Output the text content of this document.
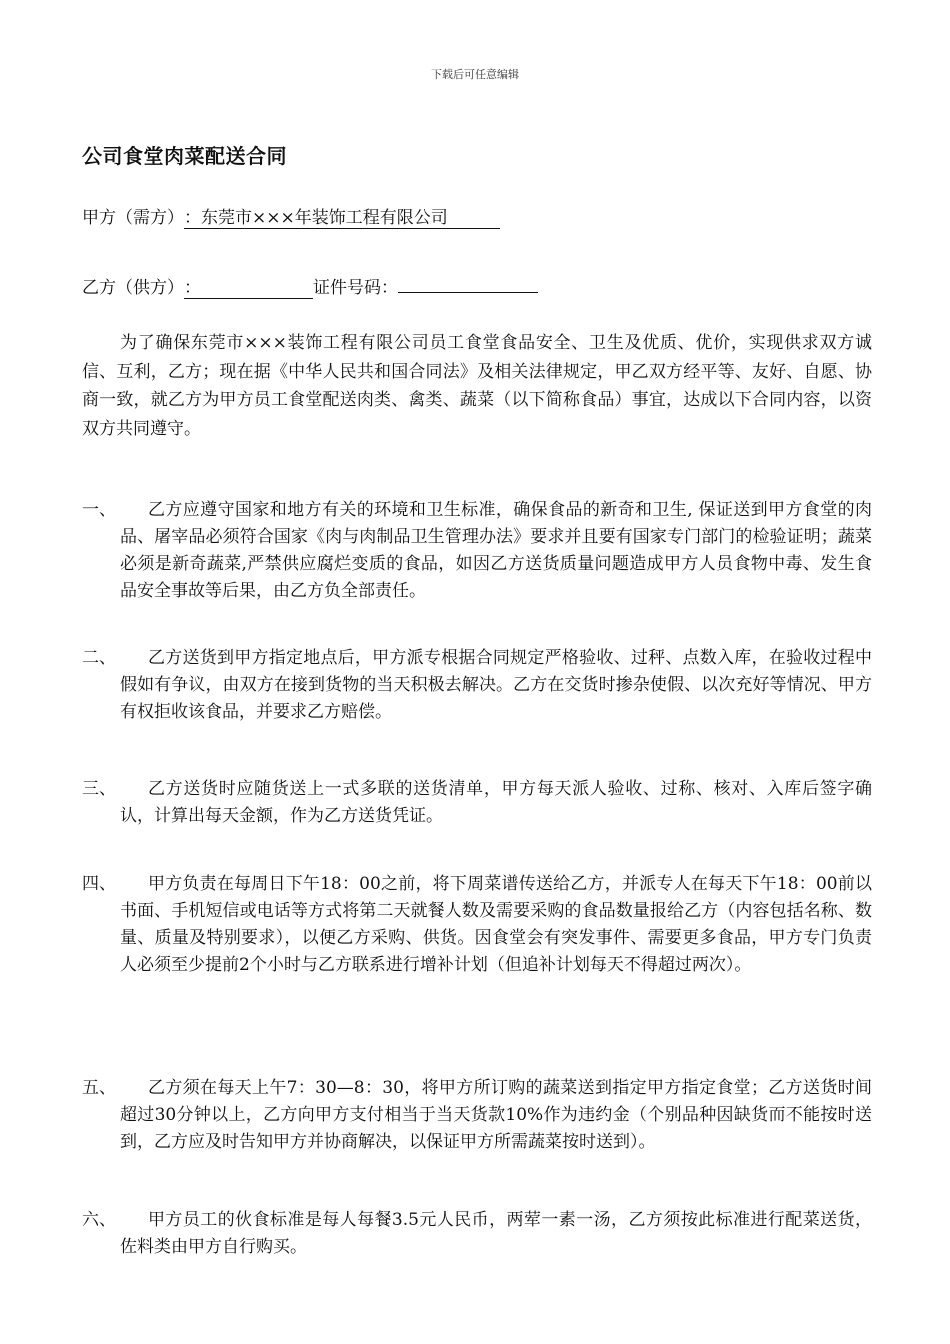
下载后可任意编辑
公司食堂肉菜配送合同
甲方（需方）：东莞市×××年装饰工程有限公司
乙方（供方）：	证件号码：
为了确保东莞市×××装饰工程有限公司员工食堂食品安全、卫生及优质、优价，实现供求双方诚信、互利，乙方；现在据《中华人民共和国合同法》及相关法律规定，甲乙双方经平等、友好、自愿、协商一致，就乙方为甲方员工食堂配送肉类、禽类、蔬菜（以下简称食品）事宜，达成以下合同内容，以资双方共同遵守。
一、	乙方应遵守国家和地方有关的环境和卫生标准，确保食品的新奇和卫生, 保证送到甲方食堂的肉品、屠宰品必须符合国家《肉与肉制品卫生管理办法》要求并且要有国家专门部门的检验证明；蔬菜必须是新奇蔬菜,严禁供应腐烂变质的食品，如因乙方送货质量问题造成甲方人员食物中毒、发生食品安全事故等后果，由乙方负全部责任。
二、	乙方送货到甲方指定地点后，甲方派专根据合同规定严格验收、过秤、点数入库，在验收过程中假如有争议，由双方在接到货物的当天积极去解决。乙方在交货时掺杂使假、以次充好等情况、甲方有权拒收该食品，并要求乙方赔偿。
三、	乙方送货时应随货送上一式多联的送货清单，甲方每天派人验收、过称、核对、入库后签字确认，计算出每天金额，作为乙方送货凭证。
四、	甲方负责在每周日下午18：00之前，将下周菜谱传送给乙方，并派专人在每天下午18：00前以书面、手机短信或电话等方式将第二天就餐人数及需要采购的食品数量报给乙方（内容包括名称、数量、质量及特别要求），以便乙方采购、供货。因食堂会有突发事件、需要更多食品，甲方专门负责人必须至少提前2个小时与乙方联系进行增补计划（但追补计划每天不得超过两次）。
五、	乙方须在每天上午7：30—8：30，将甲方所订购的蔬菜送到指定甲方指定食堂；乙方送货时间超过30分钟以上，乙方向甲方支付相当于当天货款10%作为违约金（个别品种因缺货而不能按时送到，乙方应及时告知甲方并协商解决，以保证甲方所需蔬菜按时送到）。
六、	甲方员工的伙食标准是每人每餐3.5元人民币，两荤一素一汤，乙方须按此标准进行配菜送货，佐料类由甲方自行购买。
